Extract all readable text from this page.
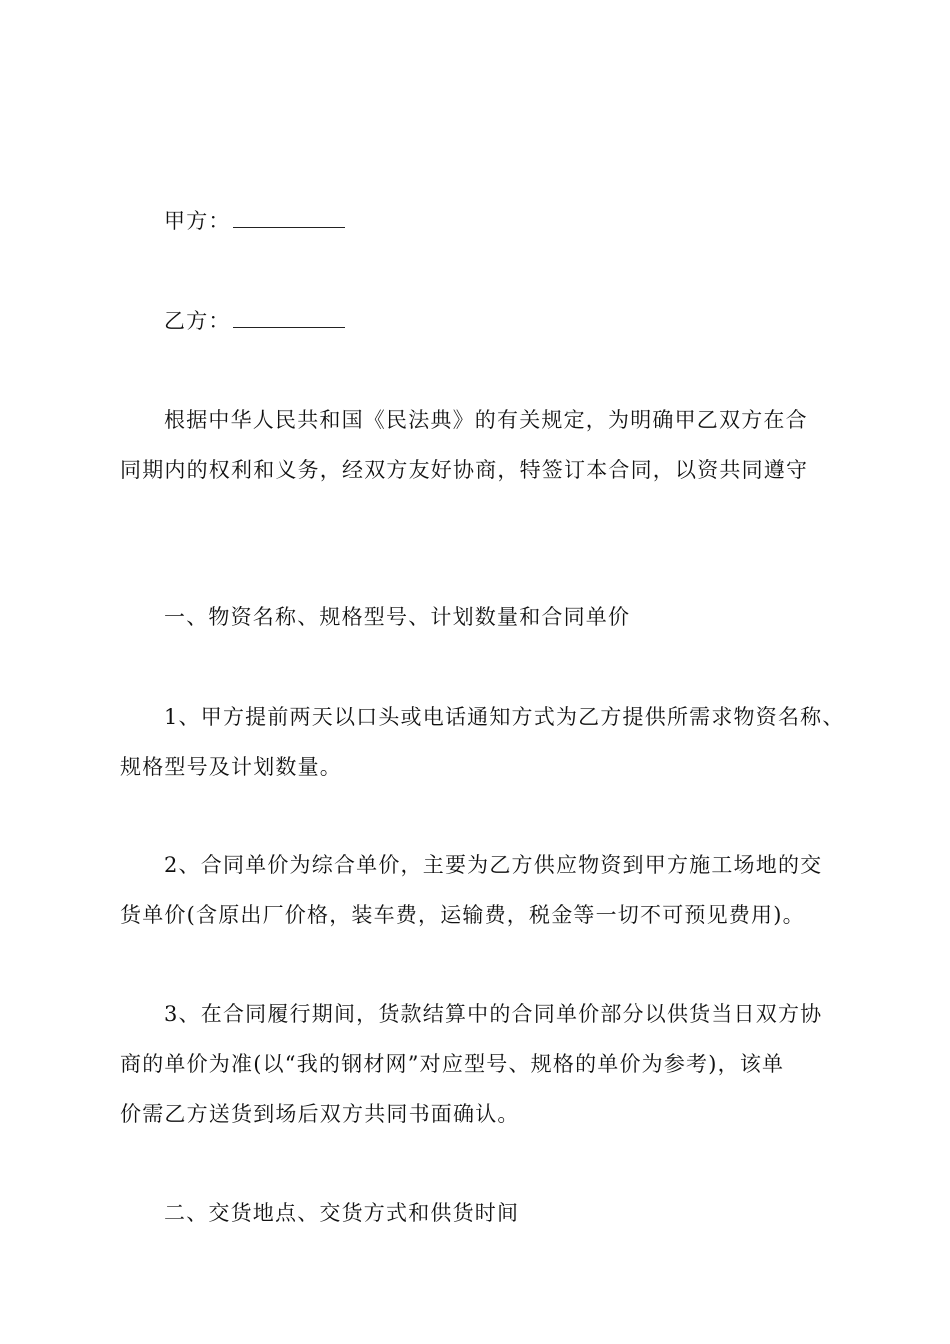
甲方：
乙方：
根据中华人民共和国《民法典》的有关规定，为明确甲乙双方在合
同期内的权利和义务，经双方友好协商，特签订本合同，以资共同遵守
一、物资名称、规格型号、计划数量和合同单价
1、甲方提前两天以口头或电话通知方式为乙方提供所需求物资名称、
规格型号及计划数量。
2、合同单价为综合单价，主要为乙方供应物资到甲方施工场地的交
货单价(含原出厂价格，装车费，运输费，税金等一切不可预见费用)。
3、在合同履行期间，货款结算中的合同单价部分以供货当日双方协
商的单价为准(以“我的钢材网”对应型号、规格的单价为参考)，该单
价需乙方送货到场后双方共同书面确认。
二、交货地点、交货方式和供货时间
